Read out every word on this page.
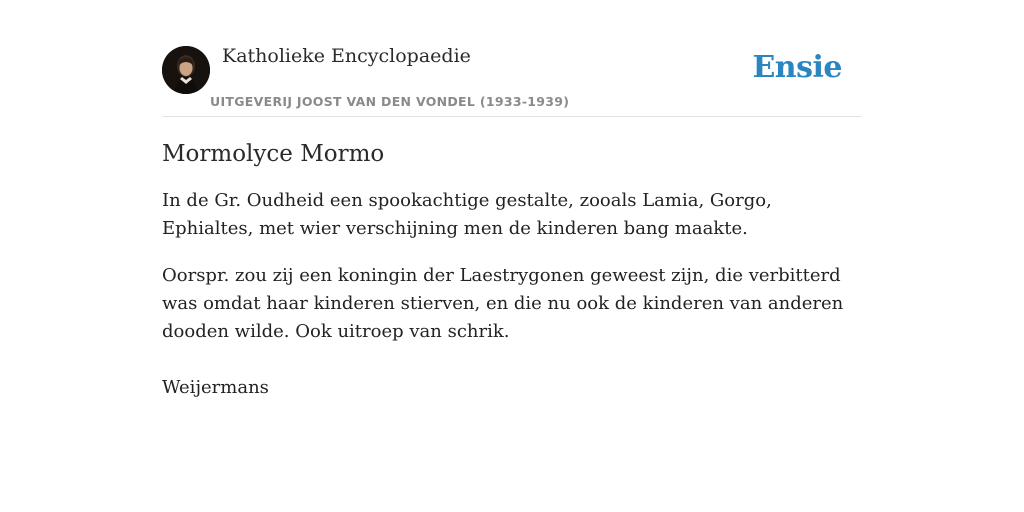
Katholieke Encyclopaedie
UITGEVERIJ JOOST VAN DEN VONDEL (1933-1939)
Ensie
Mormolyce Mormo

In de Gr. Oudheid een spookachtige gestalte, zooals Lamia, Gorgo, Ephialtes, met wier verschijning men de kinderen bang maakte.

Oorspr. zou zij een koningin der Laestrygonen geweest zijn, die verbitterd was omdat haar kinderen stierven, en die nu ook de kinderen van anderen dooden wilde. Ook uitroep van schrik.

Weijermans
